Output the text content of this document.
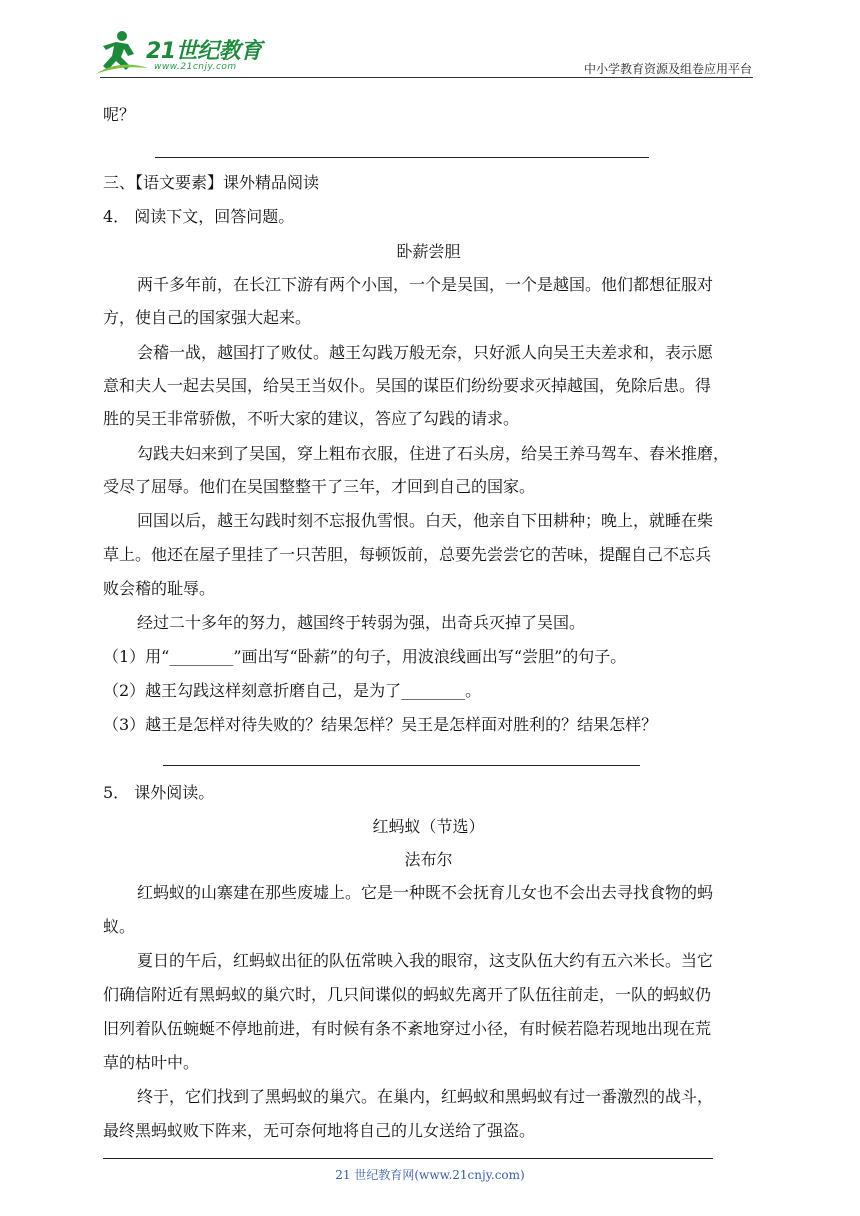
21世纪教育
www.21cnjy.com	中小学教育资源及组卷应用平台
呢？
三、【语文要素】课外精品阅读
4． 阅读下文，回答问题。
卧薪尝胆
两千多年前，在长江下游有两个小国，一个是吴国，一个是越国。他们都想征服对
方，使自己的国家强大起来。
会稽一战，越国打了败仗。越王勾践万般无奈，只好派人向吴王夫差求和，表示愿
意和夫人一起去吴国，给吴王当奴仆。吴国的谋臣们纷纷要求灭掉越国，免除后患。得
胜的吴王非常骄傲，不听大家的建议，答应了勾践的请求。
勾践夫妇来到了吴国，穿上粗布衣服，住进了石头房，给吴王养马驾车、舂米推磨，
受尽了屈辱。他们在吴国整整干了三年，才回到自己的国家。
回国以后，越王勾践时刻不忘报仇雪恨。白天，他亲自下田耕种；晚上，就睡在柴
草上。他还在屋子里挂了一只苦胆，每顿饭前，总要先尝尝它的苦味，提醒自己不忘兵
败会稽的耻辱。
经过二十多年的努力，越国终于转弱为强，出奇兵灭掉了吴国。
（1）用“________”画出写“卧薪”的句子，用波浪线画出写“尝胆”的句子。
（2）越王勾践这样刻意折磨自己，是为了________。
（3）越王是怎样对待失败的？结果怎样？吴王是怎样面对胜利的？结果怎样？
5． 课外阅读。
红蚂蚁（节选）
法布尔
红蚂蚁的山寨建在那些废墟上。它是一种既不会抚育儿女也不会出去寻找食物的蚂
蚁。
夏日的午后，红蚂蚁出征的队伍常映入我的眼帘，这支队伍大约有五六米长。当它
们确信附近有黑蚂蚁的巢穴时，几只间谍似的蚂蚁先离开了队伍往前走，一队的蚂蚁仍
旧列着队伍蜿蜒不停地前进，有时候有条不紊地穿过小径，有时候若隐若现地出现在荒
草的枯叶中。
终于，它们找到了黑蚂蚁的巢穴。在巢内，红蚂蚁和黑蚂蚁有过一番激烈的战斗，
最终黑蚂蚁败下阵来，无可奈何地将自己的儿女送给了强盗。
21 世纪教育网(www.21cnjy.com)
